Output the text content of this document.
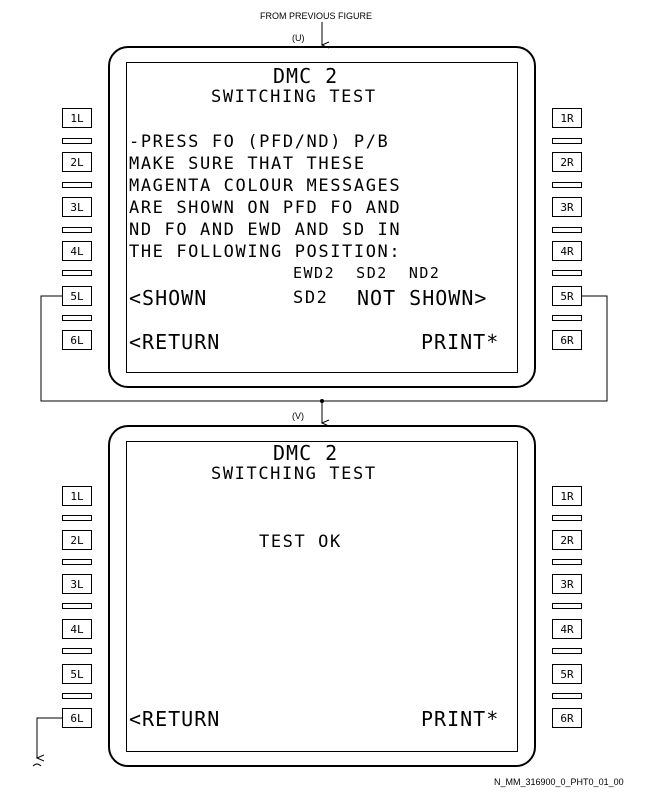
FROM PREVIOUS FIGURE
(U)
(V)
N_MM_316900_0_PHT0_01_00
DMC 2
SWITCHING TEST
-PRESS FO (PFD/ND) P/B
MAKE SURE THAT THESE
MAGENTA COLOUR MESSAGES
ARE SHOWN ON PFD FO AND
ND FO AND EWD AND SD IN
THE FOLLOWING POSITION:
EWD2  SD2  ND2
<SHOWN	SD2 NOT SHOWN>
<RETURN	PRINT*
1L
2L
3L
4L
5L
6L
1R
2R
3R
4R
5R
6R
DMC 2
SWITCHING TEST
TEST OK
<RETURN	PRINT*
1L
2L
3L
4L
5L
6L
1R
2R
3R
4R
5R
6R
